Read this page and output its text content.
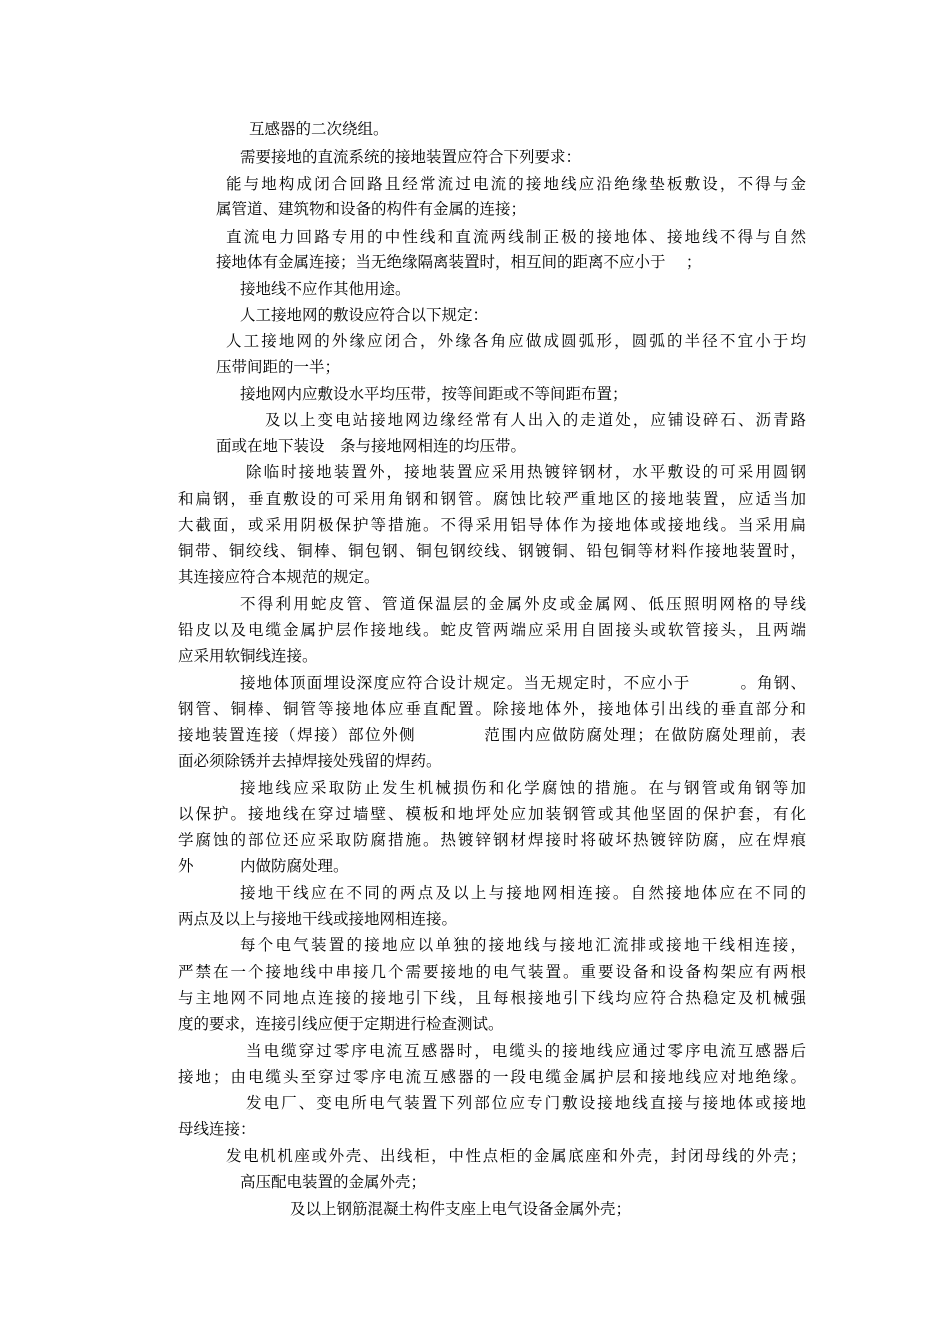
互感器的二次绕组。
需要接地的直流系统的接地装置应符合下列要求：
能与地构成闭合回路且经常流过电流的接地线应沿绝缘垫板敷设，不得与金
属管道、建筑物和设备的构件有金属的连接；
直流电力回路专用的中性线和直流两线制正极的接地体、接地线不得与自然
接地体有金属连接；当无绝缘隔离装置时，相互间的距离不应小于　 ；
接地线不应作其他用途。
人工接地网的敷设应符合以下规定：
人工接地网的外缘应闭合，外缘各角应做成圆弧形，圆弧的半径不宜小于均
压带间距的一半；
接地网内应敷设水平均压带，按等间距或不等间距布置；
及以上变电站接地网边缘经常有人出入的走道处，应铺设碎石、沥青路
面或在地下装设　条与接地网相连的均压带。
除临时接地装置外，接地装置应采用热镀锌钢材，水平敷设的可采用圆钢
和扁钢，垂直敷设的可采用角钢和钢管。腐蚀比较严重地区的接地装置，应适当加
大截面，或采用阴极保护等措施。不得采用铝导体作为接地体或接地线。当采用扁
铜带、铜绞线、铜棒、铜包钢、铜包钢绞线、钢镀铜、铅包铜等材料作接地装置时，
其连接应符合本规范的规定。
不得利用蛇皮管、管道保温层的金属外皮或金属网、低压照明网格的导线
铅皮以及电缆金属护层作接地线。蛇皮管两端应采用自固接头或软管接头，且两端
应采用软铜线连接。
接地体顶面埋设深度应符合设计规定。当无规定时，不应小于　　　。角钢、
钢管、铜棒、铜管等接地体应垂直配置。除接地体外，接地体引出线的垂直部分和
接地装置连接（焊接）部位外侧　　　　范围内应做防腐处理；在做防腐处理前，表
面必须除锈并去掉焊接处残留的焊药。
接地线应采取防止发生机械损伤和化学腐蚀的措施。在与钢管或角钢等加
以保护。接地线在穿过墙壁、模板和地坪处应加装钢管或其他坚固的保护套，有化
学腐蚀的部位还应采取防腐措施。热镀锌钢材焊接时将破坏热镀锌防腐，应在焊痕
外　　　内做防腐处理。
接地干线应在不同的两点及以上与接地网相连接。自然接地体应在不同的
两点及以上与接地干线或接地网相连接。
每个电气装置的接地应以单独的接地线与接地汇流排或接地干线相连接，
严禁在一个接地线中串接几个需要接地的电气装置。重要设备和设备构架应有两根
与主地网不同地点连接的接地引下线，且每根接地引下线均应符合热稳定及机械强
度的要求，连接引线应便于定期进行检查测试。
当电缆穿过零序电流互感器时，电缆头的接地线应通过零序电流互感器后
接地；由电缆头至穿过零序电流互感器的一段电缆金属护层和接地线应对地绝缘。
发电厂、变电所电气装置下列部位应专门敷设接地线直接与接地体或接地
母线连接：
发电机机座或外壳、出线柜，中性点柜的金属底座和外壳，封闭母线的外壳；
高压配电装置的金属外壳；
及以上钢筋混凝土构件支座上电气设备金属外壳；
